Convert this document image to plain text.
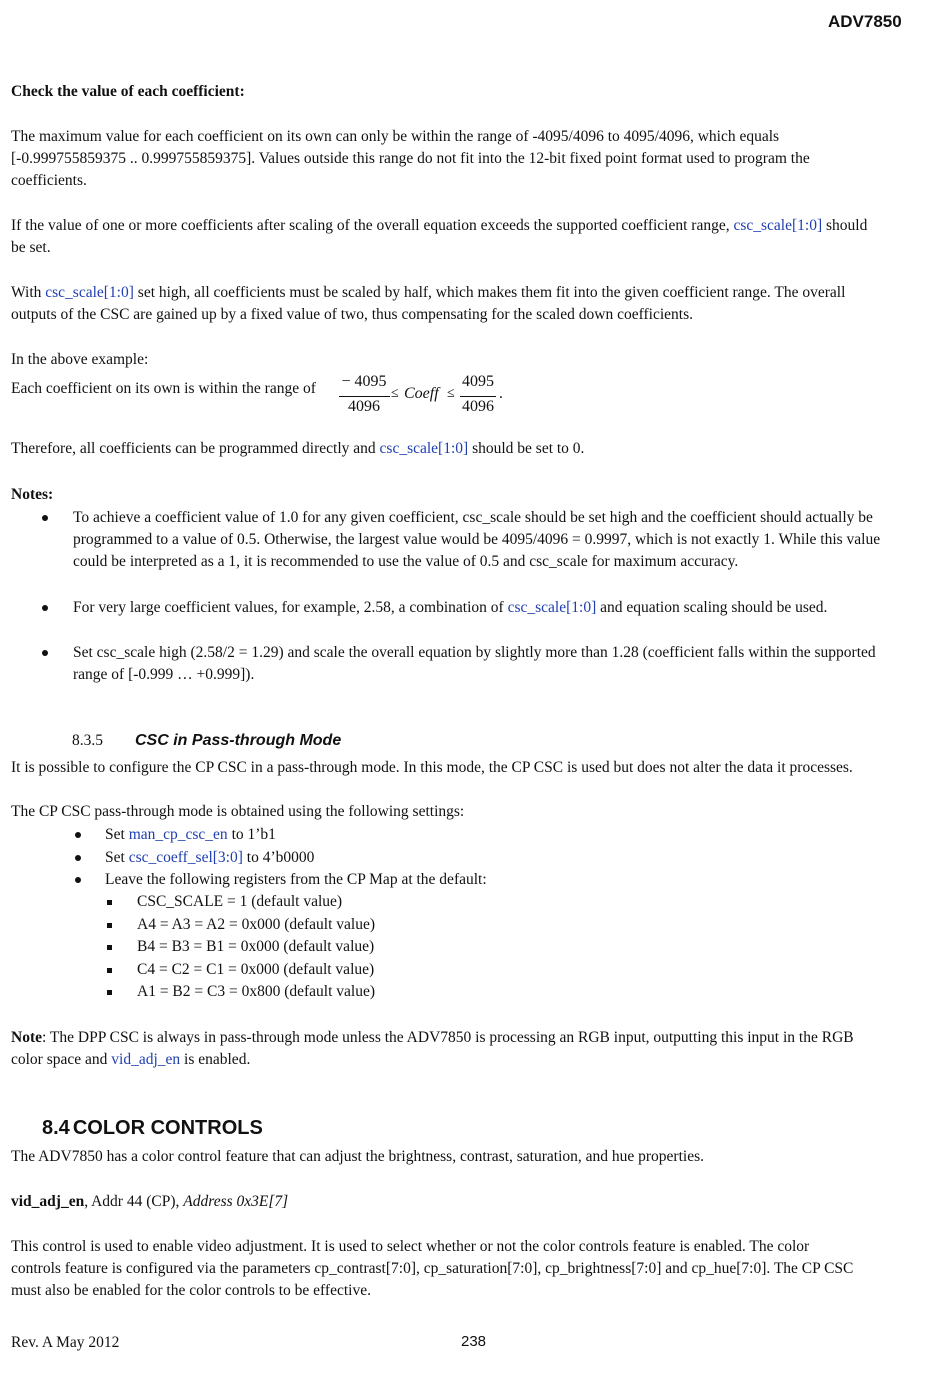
ADV7850
Check the value of each coefficient:
The maximum value for each coefficient on its own can only be within the range of -4095/4096 to 4095/4096, which equals
[-0.999755859375 .. 0.999755859375]. Values outside this range do not fit into the 12-bit fixed point format used to program the
coefficients.
If the value of one or more coefficients after scaling of the overall equation exceeds the supported coefficient range, csc_scale[1:0] should
be set.
With csc_scale[1:0] set high, all coefficients must be scaled by half, which makes them fit into the given coefficient range. The overall
outputs of the CSC are gained up by a fixed value of two, thus compensating for the scaled down coefficients.
In the above example:
Each coefficient on its own is within the range of	− 4095
4096
≤ Coeff ≤
4095
4096
.
Therefore, all coefficients can be programmed directly and csc_scale[1:0] should be set to 0.
Notes:
To achieve a coefficient value of 1.0 for any given coefficient, csc_scale should be set high and the coefficient should actually be
programmed to a value of 0.5. Otherwise, the largest value would be 4095/4096 = 0.9997, which is not exactly 1. While this value
could be interpreted as a 1, it is recommended to use the value of 0.5 and csc_scale for maximum accuracy.
For very large coefficient values, for example, 2.58, a combination of csc_scale[1:0] and equation scaling should be used.
Set csc_scale high (2.58/2 = 1.29) and scale the overall equation by slightly more than 1.28 (coefficient falls within the supported
range of [-0.999 … +0.999]).
8.3.5 CSC in Pass-through Mode
It is possible to configure the CP CSC in a pass-through mode. In this mode, the CP CSC is used but does not alter the data it processes.
The CP CSC pass-through mode is obtained using the following settings:
Set man_cp_csc_en to 1’b1
Set csc_coeff_sel[3:0] to 4’b0000
Leave the following registers from the CP Map at the default:
CSC_SCALE = 1 (default value)
A4 = A3 = A2 = 0x000 (default value)
B4 = B3 = B1 = 0x000 (default value)
C4 = C2 = C1 = 0x000 (default value)
A1 = B2 = C3 = 0x800 (default value)
Note: The DPP CSC is always in pass-through mode unless the ADV7850 is processing an RGB input, outputting this input in the RGB
color space and vid_adj_en is enabled.
8.4 COLOR CONTROLS
The ADV7850 has a color control feature that can adjust the brightness, contrast, saturation, and hue properties.
vid_adj_en, Addr 44 (CP), Address 0x3E[7]
This control is used to enable video adjustment. It is used to select whether or not the color controls feature is enabled. The color
controls feature is configured via the parameters cp_contrast[7:0], cp_saturation[7:0], cp_brightness[7:0] and cp_hue[7:0]. The CP CSC
must also be enabled for the color controls to be effective.
Rev. A May 2012	238
